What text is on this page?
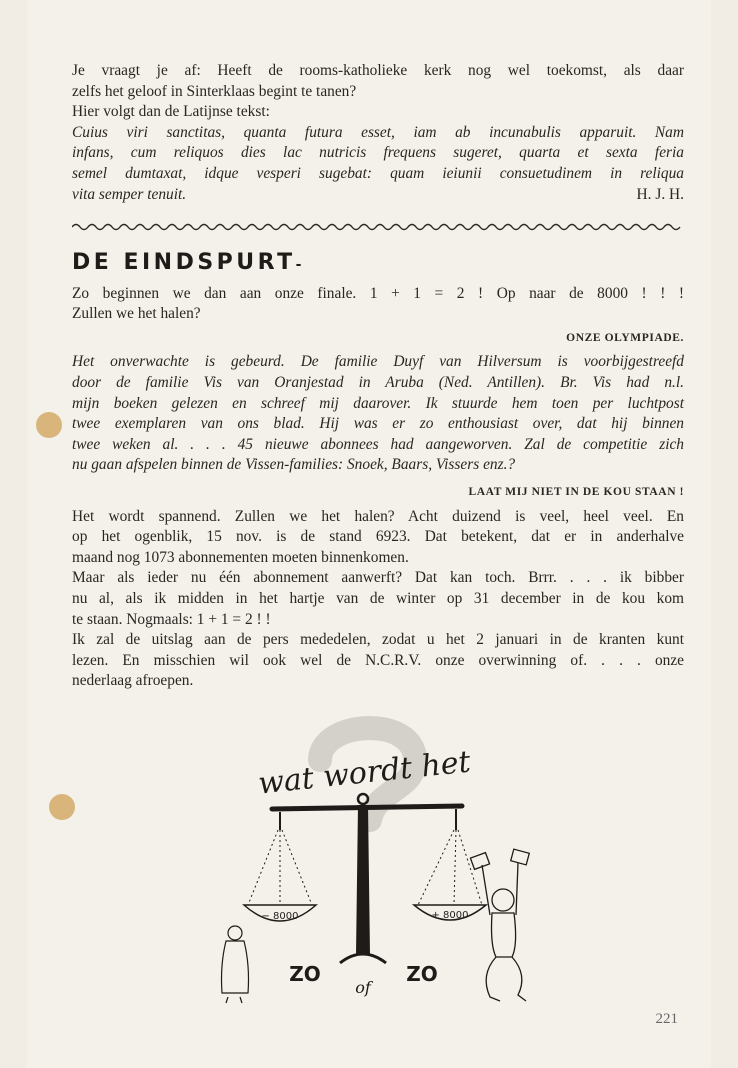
Je vraagt je af: Heeft de rooms-katholieke kerk nog wel toekomst, als daar

zelfs het geloof in Sinterklaas begint te tanen?

Hier volgt dan de Latijnse tekst:

Cuius viri sanctitas, quanta futura esset, iam ab incunabulis apparuit. Nam

infans, cum reliquos dies lac nutricis frequens sugeret, quarta et sexta feria

semel dumtaxat, idque vesperi sugebat: quam ieiunii consuetudinem in reliqua

vita semper tenuit.	H. J. H.
DE EINDSPURT-

Zo beginnen we dan aan onze finale. 1 + 1 = 2 ! Op naar de 8000 ! ! !

Zullen we het halen?

ONZE OLYMPIADE.

Het onverwachte is gebeurd. De familie Duyf van Hilversum is voorbijgestreefd

door de familie Vis van Oranjestad in Aruba (Ned. Antillen). Br. Vis had n.l.

mijn boeken gelezen en schreef mij daarover. Ik stuurde hem toen per luchtpost

twee exemplaren van ons blad. Hij was er zo enthousiast over, dat hij binnen

twee weken al. . . . 45 nieuwe abonnees had aangeworven. Zal de competitie zich

nu gaan afspelen binnen de Vissen-families: Snoek, Baars, Vissers enz.?

LAAT MIJ NIET IN DE KOU STAAN !

Het wordt spannend. Zullen we het halen? Acht duizend is veel, heel veel. En

op het ogenblik, 15 nov. is de stand 6923. Dat betekent, dat er in anderhalve

maand nog 1073 abonnementen moeten binnenkomen.

Maar als ieder nu één abonnement aanwerft? Dat kan toch. Brrr. . . . ik bibber

nu al, als ik midden in het hartje van de winter op 31 december in de kou kom

te staan. Nogmaals: 1 + 1 = 2 ! !

Ik zal de uitslag aan de pers mededelen, zodat u het 2 januari in de kranten kunt

lezen. En misschien wil ook wel de N.C.R.V. onze overwinning of. . . . onze

nederlaag afroepen.

wat wordt het
− 8000	+ 8000
ZO
of
ZO
221
